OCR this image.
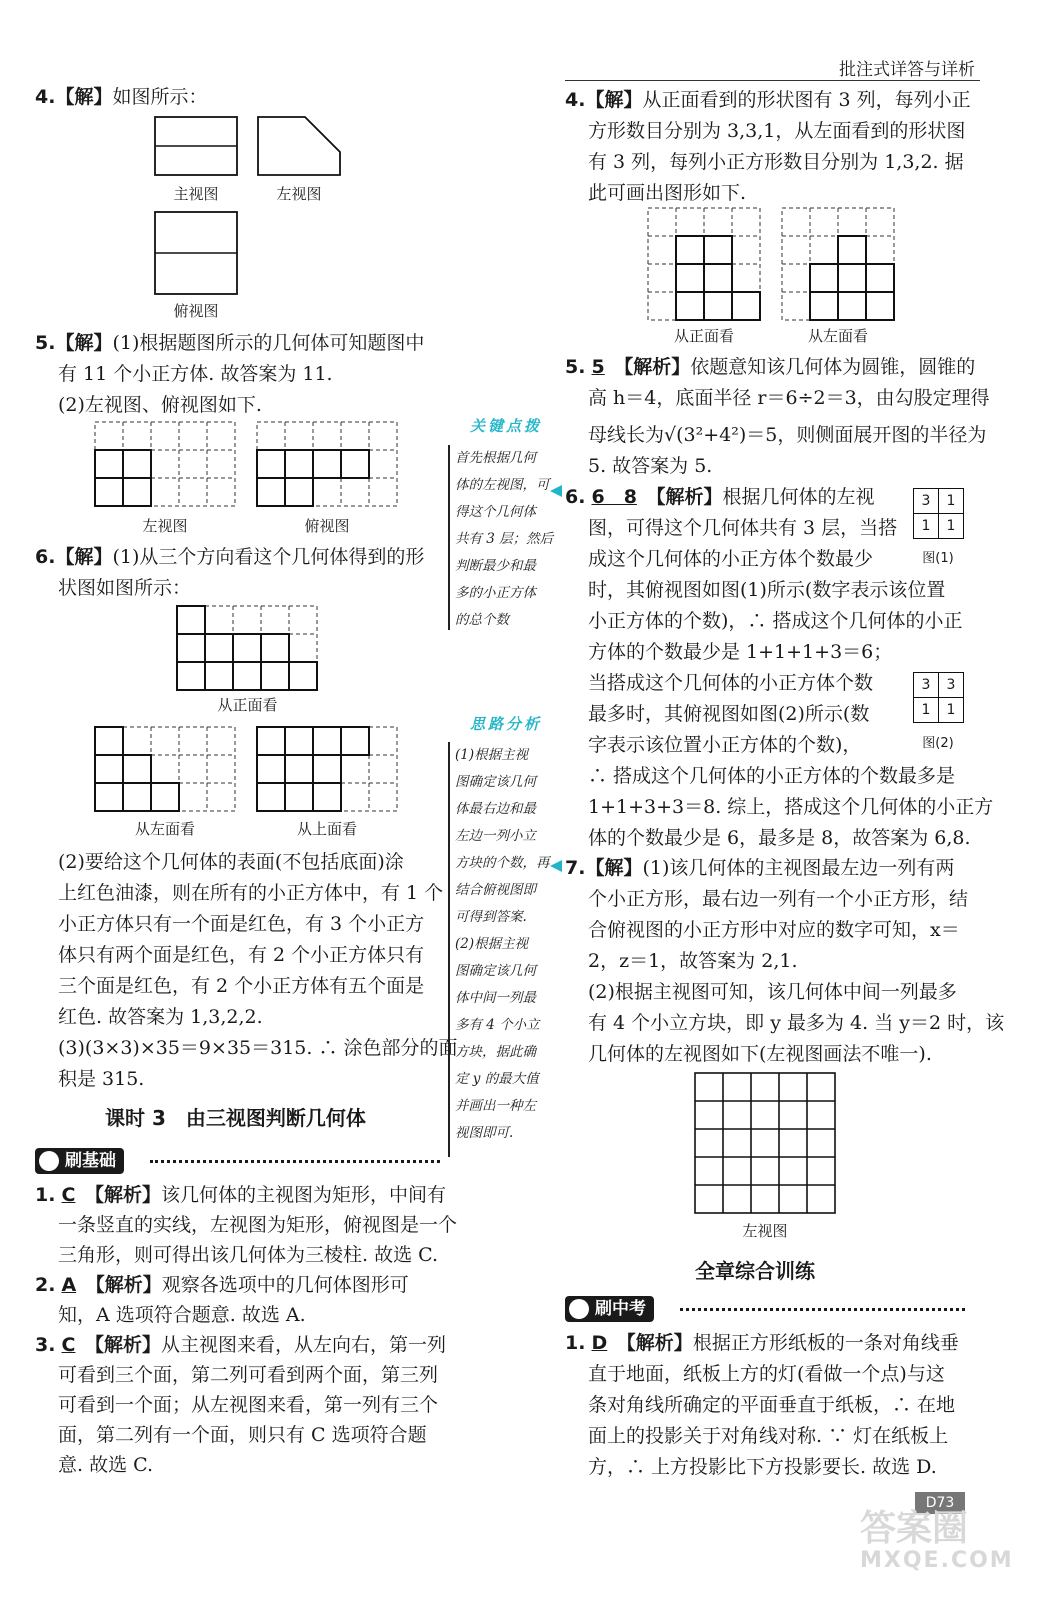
批注式详答与详析
4.【解】如图所示：
主视图	左视图
俯视图
5.【解】(1)根据题图所示的几何体可知题图中
有 11 个小正方体. 故答案为 11.
(2)左视图、俯视图如下.
左视图	俯视图
6.【解】(1)从三个方向看这个几何体得到的形
状图如图所示：
从正面看
从左面看	从上面看
(2)要给这个几何体的表面(不包括底面)涂
上红色油漆，则在所有的小正方体中，有 1 个
小正方体只有一个面是红色，有 3 个小正方
体只有两个面是红色，有 2 个小正方体只有
三个面是红色，有 2 个小正方体有五个面是
红色. 故答案为 1,3,2,2.
(3)(3×3)×35＝9×35＝315. ∴ 涂色部分的面
积是 315.
课时 3　由三视图判断几何体
刷基础
1. C　 【解析】该几何体的主视图为矩形，中间有
一条竖直的实线，左视图为矩形，俯视图是一个
三角形，则可得出该几何体为三棱柱. 故选 C.
2. A　 【解析】观察各选项中的几何体图形可
知，A 选项符合题意. 故选 A.
3. C　 【解析】从主视图来看，从左向右，第一列
可看到三个面，第二列可看到两个面，第三列
可看到一个面；从左视图来看，第一列有三个
面，第二列有一个面，则只有 C 选项符合题
意. 故选 C.
关键点拨
首先根据几何
体的左视图，可
得这个几何体
共有 3 层；然后
判断最少和最
多的小正方体
的总个数
思路分析
(1)根据主视
图确定该几何
体最右边和最
左边一列小立
方块的个数，再
结合俯视图即
可得到答案.
(2)根据主视
图确定该几何
体中间一列最
多有 4 个小立
方块，据此确
定 y 的最大值
并画出一种左
视图即可.
4.【解】从正面看到的形状图有 3 列，每列小正
方形数目分别为 3,3,1，从左面看到的形状图
有 3 列，每列小正方形数目分别为 1,3,2. 据
此可画出图形如下.
从正面看	从左面看
5. 5　 【解析】依题意知该几何体为圆锥，圆锥的
高 h＝4，底面半径 r＝6÷2＝3，由勾股定理得
母线长为√(3²+4²)＝5，则侧面展开图的半径为
5. 故答案为 5.
6. 6　8　 【解析】根据几何体的左视
图，可得这个几何体共有 3 层，当搭
成这个几何体的小正方体个数最少
时，其俯视图如图(1)所示(数字表示该位置
小正方体的个数)，∴ 搭成这个几何体的小正
方体的个数最少是 1+1+1+3＝6；
当搭成这个几何体的小正方体个数
最多时，其俯视图如图(2)所示(数
字表示该位置小正方体的个数)，
∴ 搭成这个几何体的小正方体的个数最多是
1+1+3+3＝8. 综上，搭成这个几何体的小正方
体的个数最少是 6，最多是 8，故答案为 6,8.
3	1
1	1
图(1)
3	3
1	1
图(2)
7.【解】(1)该几何体的主视图最左边一列有两
个小正方形，最右边一列有一个小正方形，结
合俯视图的小正方形中对应的数字可知，x＝
2，z＝1，故答案为 2,1.
(2)根据主视图可知，该几何体中间一列最多
有 4 个小立方块，即 y 最多为 4. 当 y＝2 时，该
几何体的左视图如下(左视图画法不唯一).
左视图
全章综合训练
刷中考
1. D　 【解析】根据正方形纸板的一条对角线垂
直于地面，纸板上方的灯(看做一个点)与这
条对角线所确定的平面垂直于纸板，∴ 在地
面上的投影关于对角线对称. ∵ 灯在纸板上
方，∴ 上方投影比下方投影要长. 故选 D.
D73
答案圈
MXQE.COM
